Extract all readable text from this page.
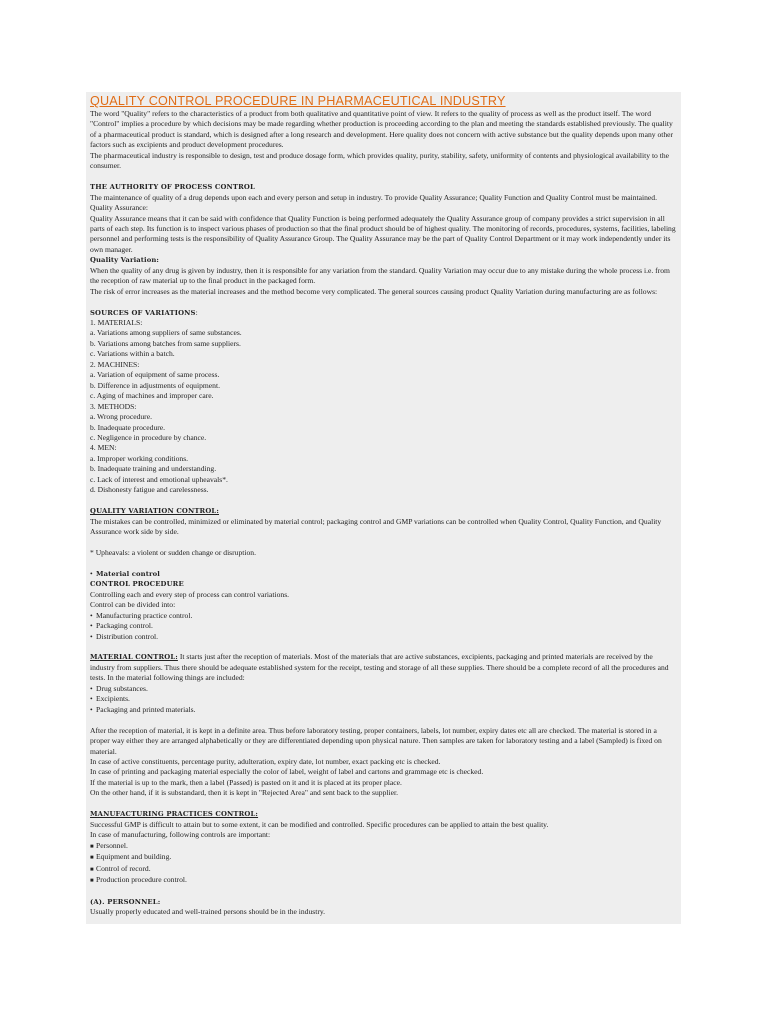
QUALITY CONTROL PROCEDURE IN PHARMACEUTICAL INDUSTRY

The word "Quality" refers to the characteristics of a product from both qualitative and quantitative point of view. It refers to the quality of process as well as the product itself. The word "Control" implies a procedure by which decisions may be made regarding whether production is proceeding according to the plan and meeting the standards established previously. The quality of a pharmaceutical product is standard, which is designed after a long research and development. Here quality does not concern with active substance but the quality depends upon many other factors such as excipients and product development procedures.

The pharmaceutical industry is responsible to design, test and produce dosage form, which provides quality, purity, stability, safety, uniformity of contents and physiological availability to the consumer.

THE AUTHORITY OF PROCESS CONTROL

The maintenance of quality of a drug depends upon each and every person and setup in industry. To provide Quality Assurance; Quality Function and Quality Control must be maintained. Quality Assurance:

Quality Assurance means that it can be said with confidence that Quality Function is being performed adequately the Quality Assurance group of company provides a strict supervision in all parts of each step. Its function is to inspect various phases of production so that the final product should be of highest quality. The monitoring of records, procedures, systems, facilities, labeling personnel and performing tests is the responsibility of Quality Assurance Group. The Quality Assurance may be the part of Quality Control Department or it may work independently under its own manager.

Quality Variation:

When the quality of any drug is given by industry, then it is responsible for any variation from the standard. Quality Variation may occur due to any mistake during the whole process i.e. from the reception of raw material up to the final product in the packaged form.

The risk of error increases as the material increases and the method become very complicated. The general sources causing product Quality Variation during manufacturing are as follows:

SOURCES OF VARIATIONS:

1. MATERIALS:

a. Variations among suppliers of same substances.

b. Variations among batches from same suppliers.

c. Variations within a batch.

2. MACHINES:

a. Variation of equipment of same process.

b. Difference in adjustments of equipment.

c. Aging of machines and improper care.

3. METHODS:

a. Wrong procedure.

b. Inadequate procedure.

c. Negligence in procedure by chance.

4. MEN:

a. Improper working conditions.

b. Inadequate training and understanding.

c. Lack of interest and emotional upheavals*.

d. Dishonesty fatigue and carelessness.

QUALITY VARIATION CONTROL:

The mistakes can be controlled, minimized or eliminated by material control; packaging control and GMP variations can be controlled when Quality Control, Quality Function, and Quality Assurance work side by side.

* Upheavals: a violent or sudden change or disruption.

• Material control

CONTROL PROCEDURE

Controlling each and every step of process can control variations.

Control can be divided into:

• Manufacturing practice control.

• Packaging control.

• Distribution control.

MATERIAL CONTROL: It starts just after the reception of materials. Most of the materials that are active substances, excipients, packaging and printed materials are received by the industry from suppliers. Thus there should be adequate established system for the receipt, testing and storage of all these supplies. There should be a complete record of all the procedures and tests. In the material following things are included:

• Drug substances.

• Excipients.

• Packaging and printed materials.

After the reception of material, it is kept in a definite area. Thus before laboratory testing, proper containers, labels, lot number, expiry dates etc all are checked. The material is stored in a proper way either they are arranged alphabetically or they are differentiated depending upon physical nature. Then samples are taken for laboratory testing and a label (Sampled) is fixed on material.

In case of active constituents, percentage purity, adulteration, expiry date, lot number, exact packing etc is checked.

In case of printing and packaging material especially the color of label, weight of label and cartons and grammage etc is checked.

If the material is up to the mark, then a label (Passed) is pasted on it and it is placed at its proper place.

On the other hand, if it is substandard, then it is kept in "Rejected Area" and sent back to the supplier.

MANUFACTURING PRACTICES CONTROL:

Successful GMP is difficult to attain but to some extent, it can be modified and controlled. Specific procedures can be applied to attain the best quality.

In case of manufacturing, following controls are important:

■ Personnel.

■ Equipment and building.

■ Control of record.

■ Production procedure control.

(A). PERSONNEL:

Usually properly educated and well-trained persons should be in the industry.
